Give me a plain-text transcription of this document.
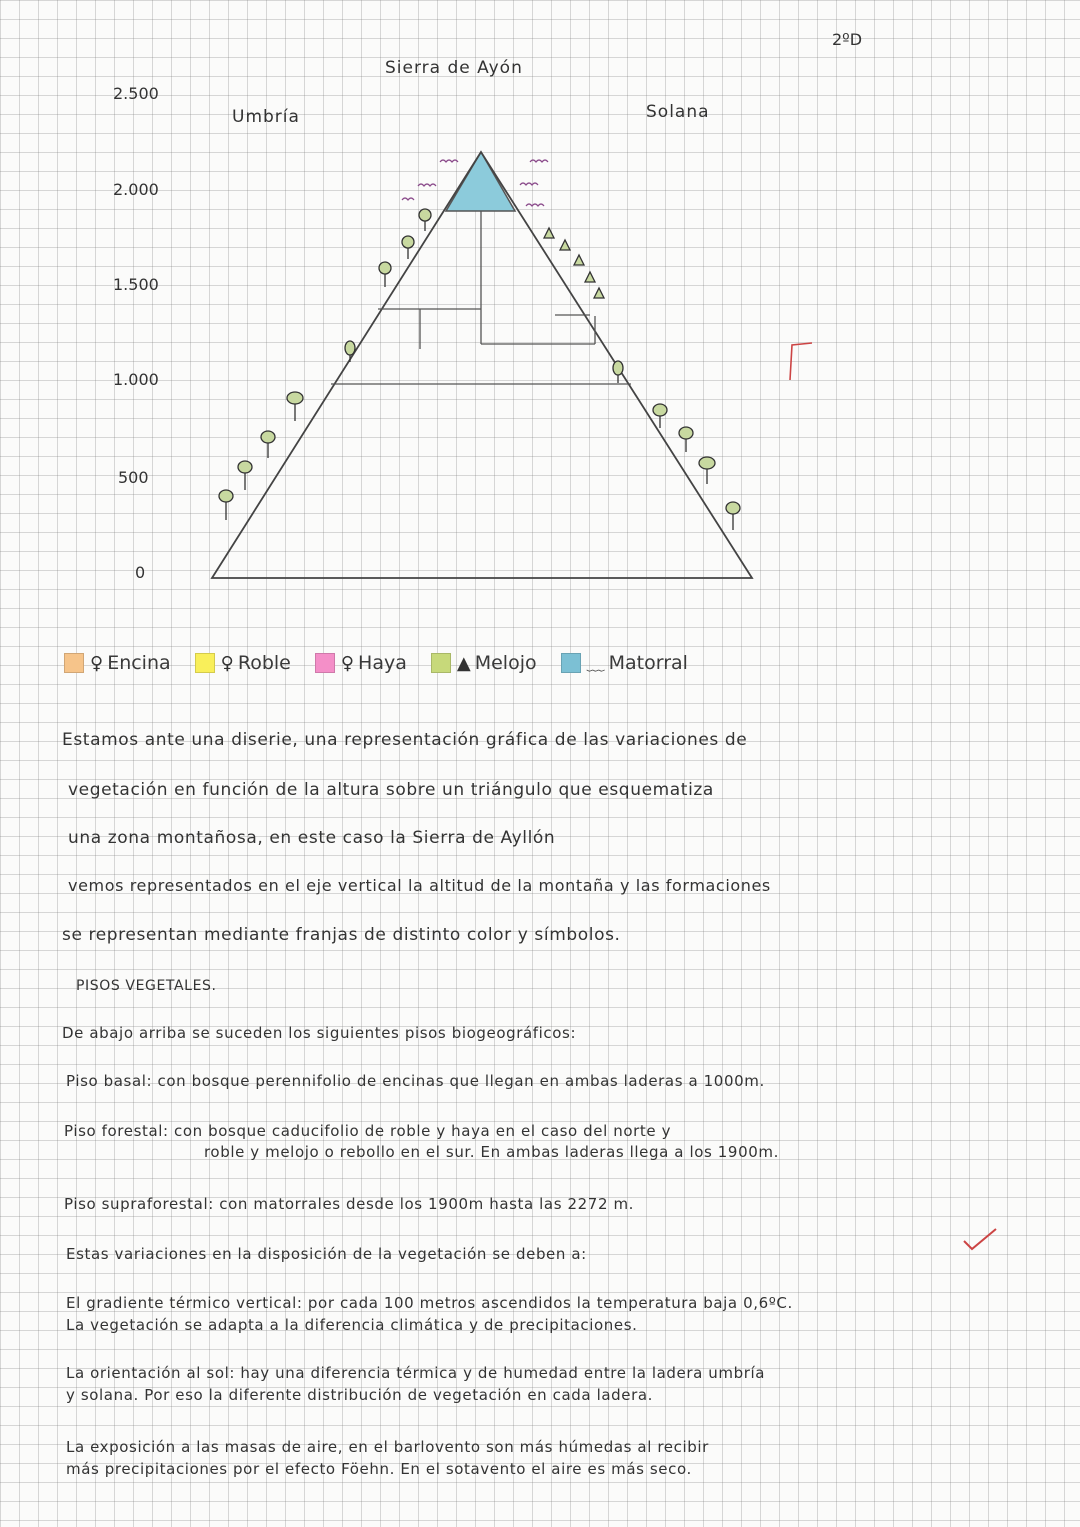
2ºD
Sierra de Ayón
Umbría	Solana
2.500
2.000
1.500
1.000
500
0
♀ Encina	♀ Roble	♀ Haya	▲ Melojo	﹏ Matorral
Estamos ante una diserie, una representación gráfica de las variaciones de
vegetación en función de la altura sobre un triángulo que esquematiza
una zona montañosa, en este caso la Sierra de Ayllón
vemos representados en el eje vertical la altitud de la montaña y las formaciones
se representan mediante franjas de distinto color y símbolos.
PISOS VEGETALES.
De abajo arriba se suceden los siguientes pisos biogeográficos:
Piso basal: con bosque perennifolio de encinas que llegan en ambas laderas a 1000m.
Piso forestal: con bosque caducifolio de roble y haya en el caso del norte y
roble y melojo o rebollo en el sur. En ambas laderas llega a los 1900m.
Piso supraforestal: con matorrales desde los 1900m hasta las 2272 m.
Estas variaciones en la disposición de la vegetación se deben a:
El gradiente térmico vertical: por cada 100 metros ascendidos la temperatura baja 0,6ºC.
La vegetación se adapta a la diferencia climática y de precipitaciones.
La orientación al sol: hay una diferencia térmica y de humedad entre la ladera umbría
y solana. Por eso la diferente distribución de vegetación en cada ladera.
La exposición a las masas de aire, en el barlovento son más húmedas al recibir
más precipitaciones por el efecto Föehn. En el sotavento el aire es más seco.
